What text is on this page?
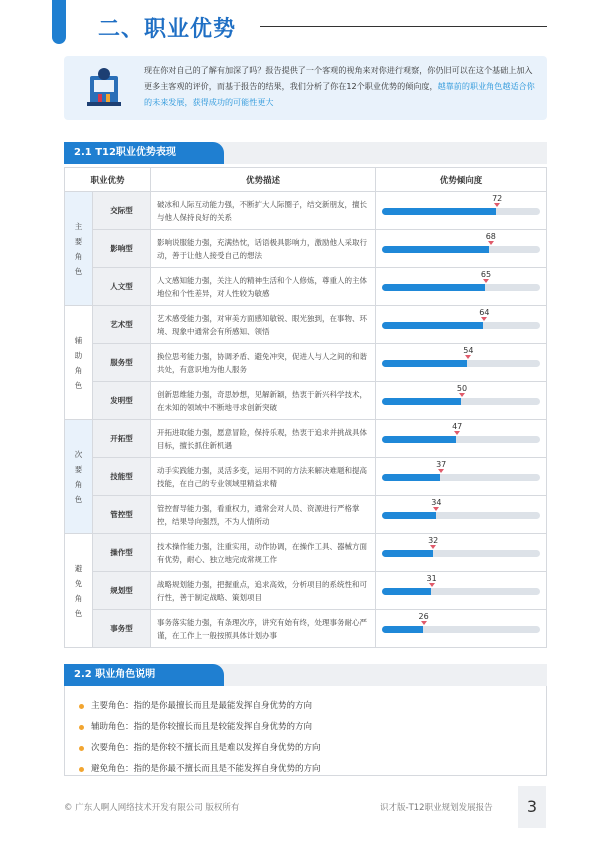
二、职业优势

现在你对自己的了解有加深了吗？报告提供了一个客观的视角来对你进行观察，你仍旧可以在这个基础上加入更多主客观的评价，而基于报告的结果，我们分析了你在12个职业优势的倾向度，越靠前的职业角色越适合你的未来发展，获得成功的可能性更大

2.1 T12职业优势表现
职业优势		优势描述	优势倾向度
主
要
角
色	交际型	破冰和人际互动能力强，不断扩大人际圈子，结交新朋友，擅长与他人保持良好的关系	72

	影响型	影响说服能力强，充满热忱，话语极具影响力，激励他人采取行动，善于让他人接受自己的想法	68

	人文型	人文感知能力强，关注人的精神生活和个人修炼，尊重人的主体地位和个性差异，对人性较为敏感	65

辅
助
角
色	艺术型	艺术感受能力强，对审美方面感知敏锐、眼光独到，在事物、环境、现象中通常会有所感知、领悟	64

	服务型	换位思考能力强，协调矛盾、避免冲突，促进人与人之间的和谐共处，有意识地为他人服务	54

	发明型	创新思维能力强，奇思妙想，见解新颖，热衷于新兴科学技术，在未知的领域中不断地寻求创新突破	50

次
要
角
色	开拓型	开拓进取能力强，愿意冒险，保持乐观，热衷于追求并挑战具体目标，擅长抓住新机遇	47

	技能型	动手实践能力强，灵活多变，运用不同的方法来解决难题和提高技能，在自己的专业领域里精益求精	37

	管控型	管控督导能力强，看重权力，通常会对人员、资源进行严格掌控，结果导向强烈，不为人情所动	34

避
免
角
色	操作型	技术操作能力强，注重实用，动作协调，在操作工具、器械方面有优势，耐心、独立地完成常规工作	32

	规划型	战略规划能力强，把握重点，追求高效，分析项目的系统性和可行性，善于制定战略、策划项目	31

	事务型	事务落实能力强，有条理次序，讲究有始有终，处理事务耐心严谨，在工作上一般按照具体计划办事	26
2.2 职业角色说明
主要角色：指的是你最擅长而且是最能发挥自身优势的方向
辅助角色：指的是你较擅长而且是较能发挥自身优势的方向
次要角色：指的是你较不擅长而且是难以发挥自身优势的方向
避免角色：指的是你最不擅长而且是不能发挥自身优势的方向
© 广东人啊人网络技术开发有限公司 版权所有	识才版-T12职业规划发展报告	3
